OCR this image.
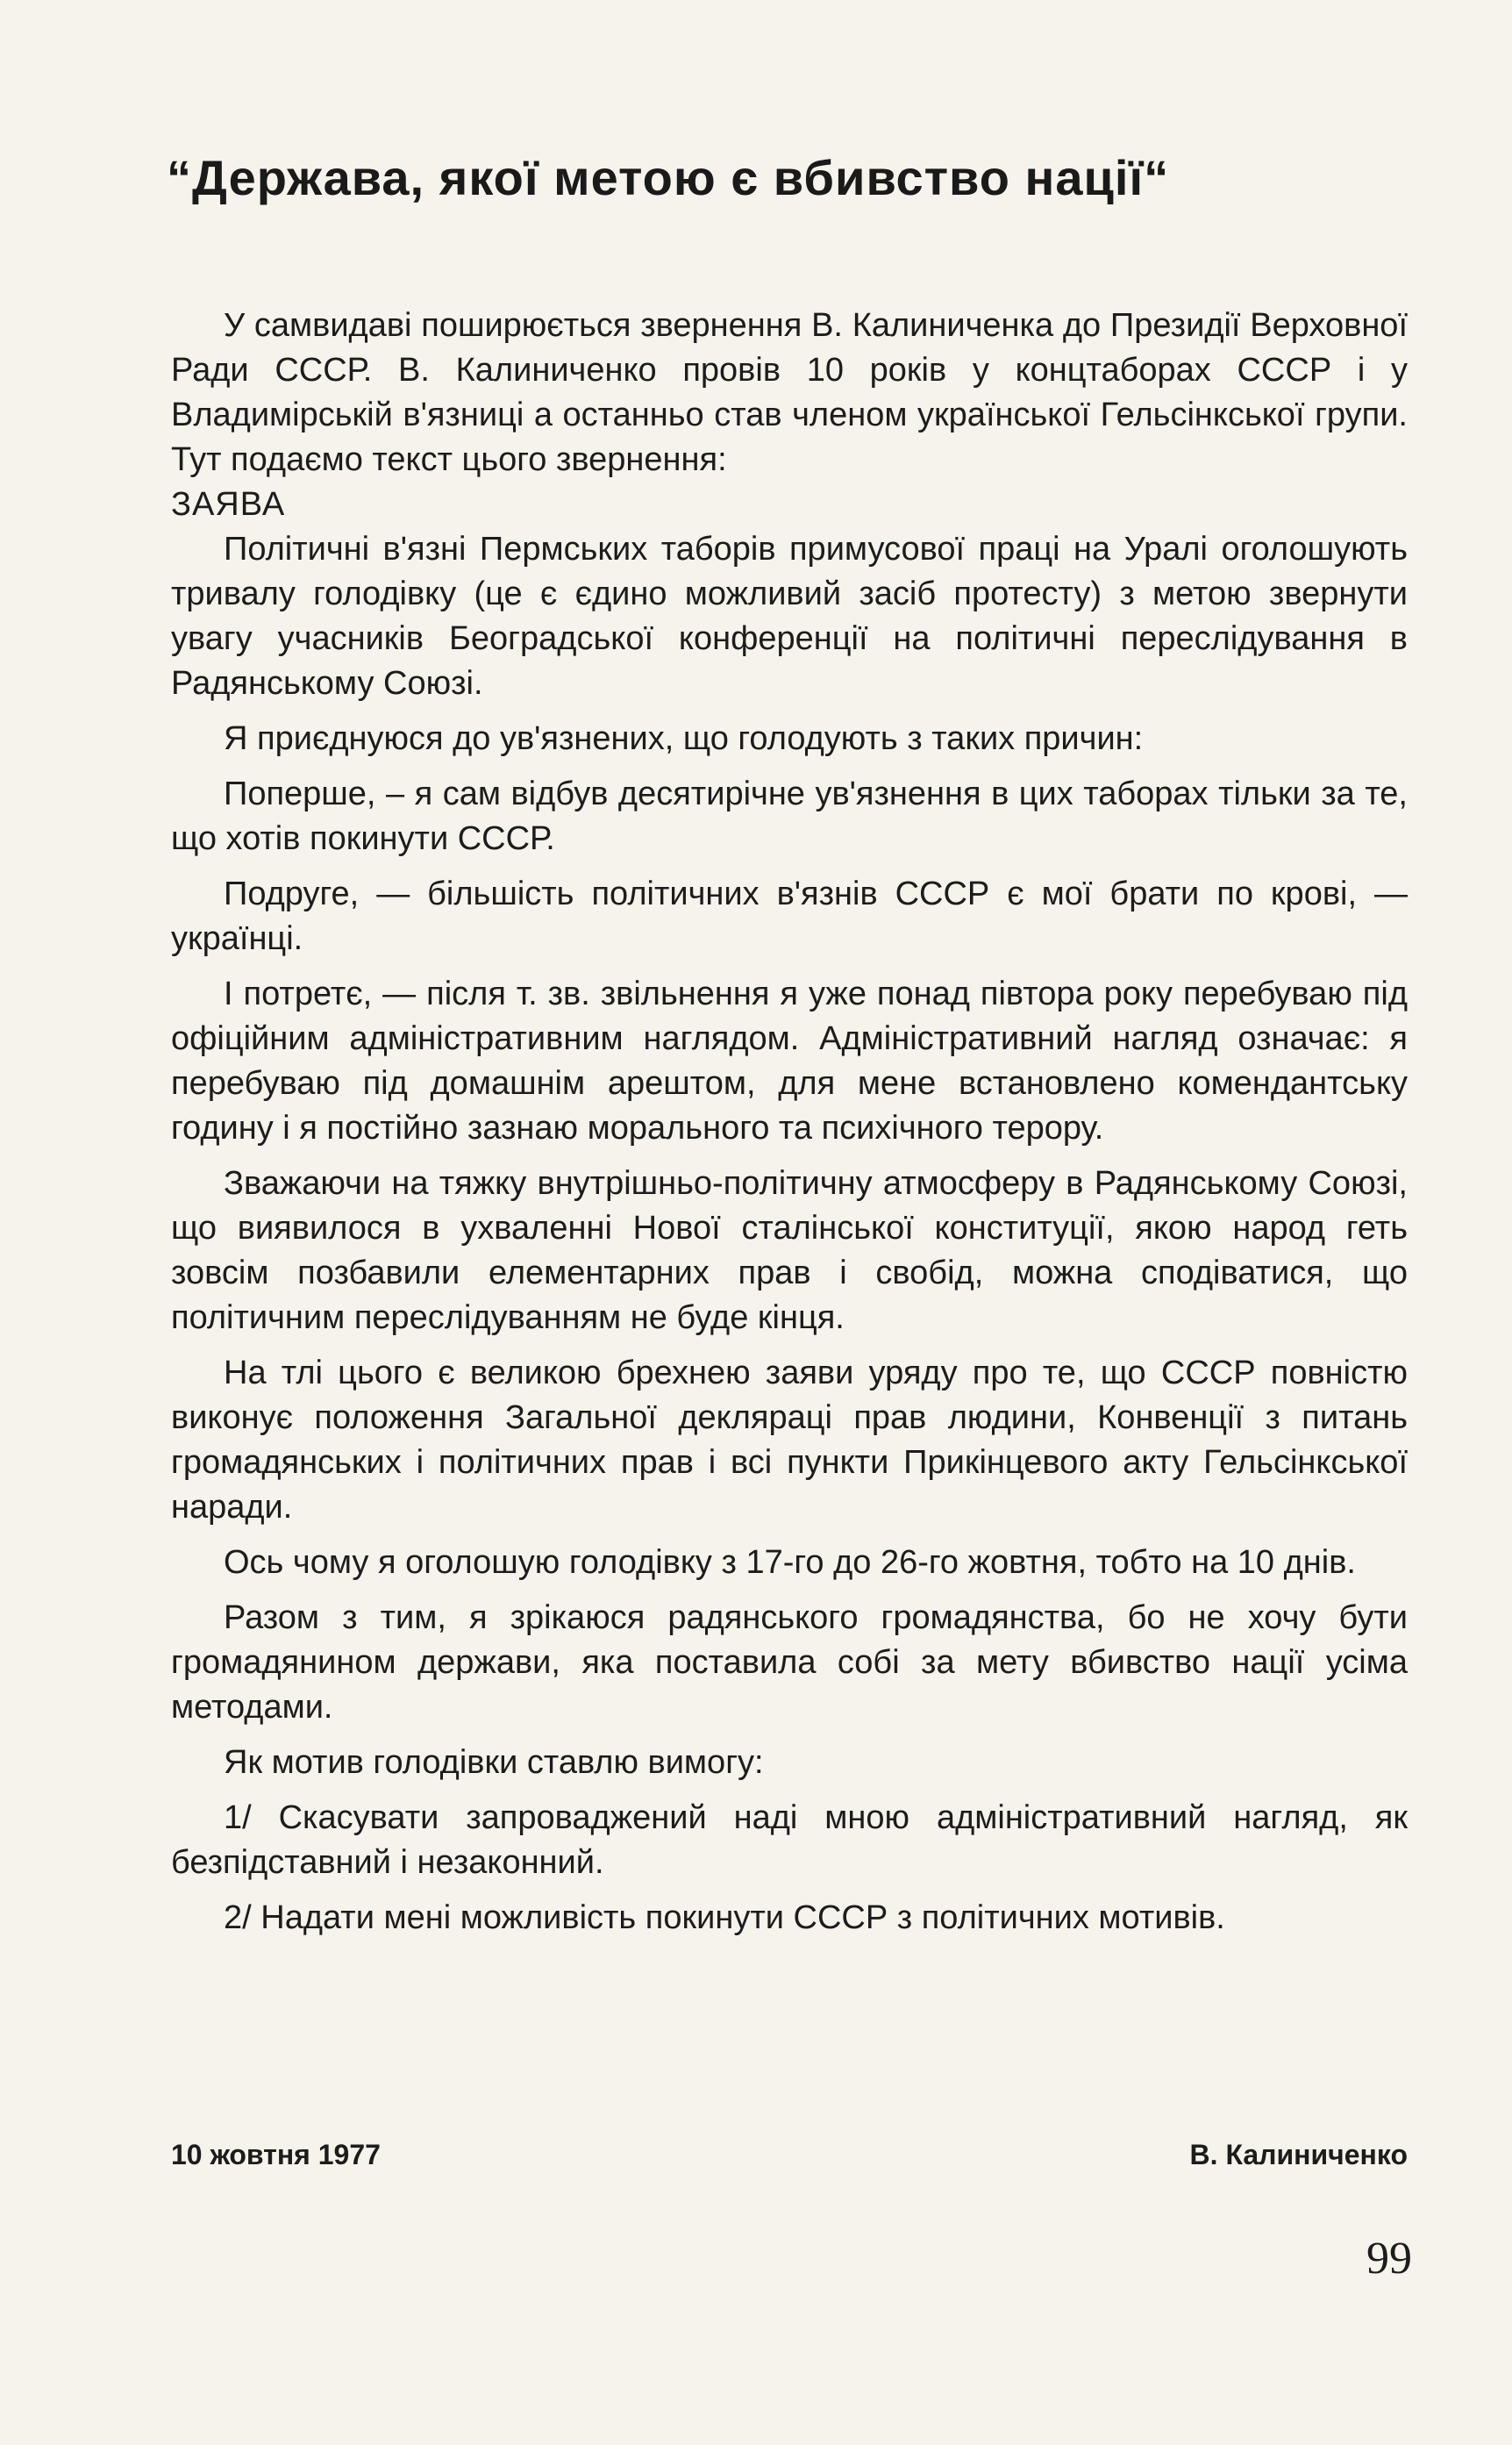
“Держава, якої метою є вбивство нації“

У самвидаві поширюється звернення В. Калиниченка до Президії Верховної Ради СССР. В. Калиниченко провів 10 років у концтаборах СССР і у Владимірській в'язниці а останньо став членом української Гельсінкської групи. Тут подаємо текст цього звернення:

ЗАЯВА

Політичні в'язні Пермських таборів примусової праці на Уралі оголошують тривалу голодівку (це є єдино можливий засіб протесту) з метою звернути увагу учасників Београдської конференції на політичні переслідування в Радянському Союзі.

Я приєднуюся до ув'язнених, що голодують з таких причин:

Поперше, – я сам відбув десятирічне ув'язнення в цих таборах тільки за те, що хотів покинути СССР.

Подруге, — більшість політичних в'язнів СССР є мої брати по крові, — українці.

І потретє, — після т. зв. звільнення я уже понад півтора року перебуваю під офіційним адміністративним наглядом. Адміністративний нагляд означає: я перебуваю під домашнім арештом, для мене встановлено комендантську годину і я постійно зазнаю морального та психічного терору.

Зважаючи на тяжку внутрішньо-політичну атмосферу в Радянському Союзі, що виявилося в ухваленні Нової сталінської конституції, якою народ геть зовсім позбавили елементарних прав і свобід, можна сподіватися, що політичним переслідуванням не буде кінця.

На тлі цього є великою брехнею заяви уряду про те, що СССР повністю виконує положення Загальної декляраці прав людини, Конвенції з питань громадянських і політичних прав і всі пункти Прикінцевого акту Гельсінкської наради.

Ось чому я оголошую голодівку з 17-го до 26-го жовтня, тобто на 10 днів.

Разом з тим, я зрікаюся радянського громадянства, бо не хочу бути громадянином держави, яка поставила собі за мету вбивство нації усіма методами.

Як мотив голодівки ставлю вимогу:

1/ Скасувати запроваджений наді мною адміністративний нагляд, як безпідставний і незаконний.

2/ Надати мені можливість покинути СССР з політичних мотивів.

10 жовтня 1977	В. Калиниченко
99
